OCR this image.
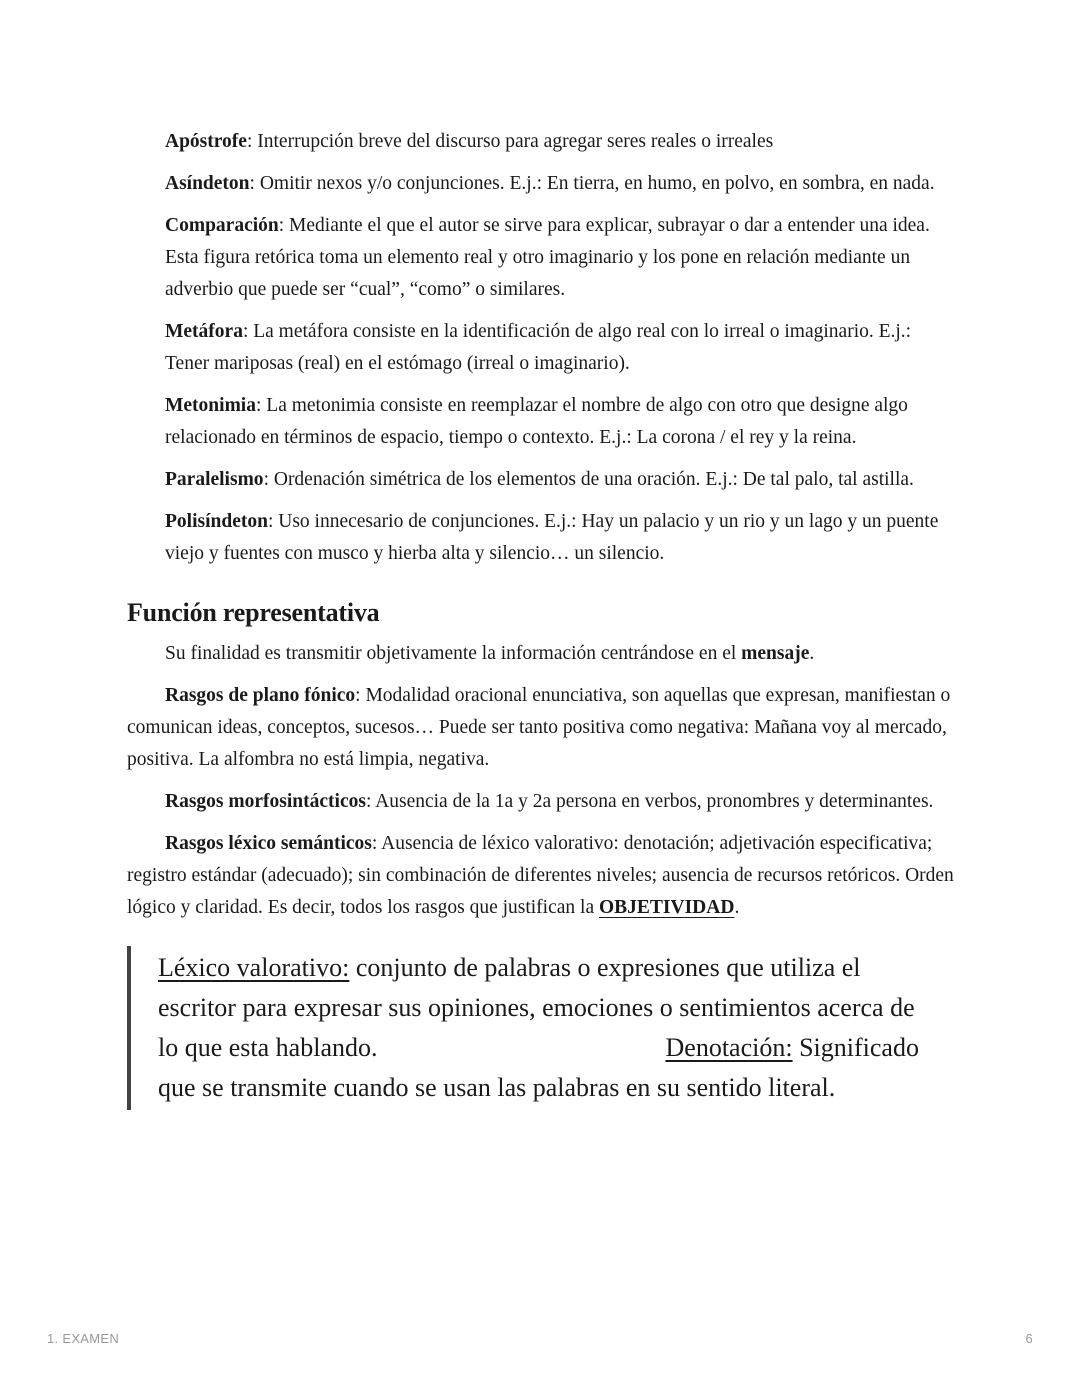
Apóstrofe: Interrupción breve del discurso para agregar seres reales o irreales

Asíndeton: Omitir nexos y/o conjunciones. E.j.: En tierra, en humo, en polvo, en sombra, en nada.

Comparación: Mediante el que el autor se sirve para explicar, subrayar o dar a entender una idea. Esta figura retórica toma un elemento real y otro imaginario y los pone en relación mediante un adverbio que puede ser “cual”, “como” o similares.

Metáfora: La metáfora consiste en la identificación de algo real con lo irreal o imaginario. E.j.: Tener mariposas (real) en el estómago (irreal o imaginario).

Metonimia: La metonimia consiste en reemplazar el nombre de algo con otro que designe algo relacionado en términos de espacio, tiempo o contexto. E.j.: La corona / el rey y la reina.

Paralelismo: Ordenación simétrica de los elementos de una oración. E.j.: De tal palo, tal astilla.

Polisíndeton: Uso innecesario de conjunciones. E.j.: Hay un palacio y un rio y un lago y un puente viejo y fuentes con musco y hierba alta y silencio… un silencio.

Función representativa

Su finalidad es transmitir objetivamente la información centrándose en el mensaje.

Rasgos de plano fónico: Modalidad oracional enunciativa, son aquellas que expresan, manifiestan o comunican ideas, conceptos, sucesos… Puede ser tanto positiva como negativa: Mañana voy al mercado, positiva. La alfombra no está limpia, negativa.

Rasgos morfosintácticos: Ausencia de la 1a y 2a persona en verbos, pronombres y determinantes.

Rasgos léxico semánticos: Ausencia de léxico valorativo: denotación; adjetivación especificativa; registro estándar (adecuado); sin combinación de diferentes niveles; ausencia de recursos retóricos. Orden lógico y claridad. Es decir, todos los rasgos que justifican la OBJETIVIDAD.

Léxico valorativo: conjunto de palabras o expresiones que utiliza el escritor para expresar sus opiniones, emociones o sentimientos acerca de lo que esta hablando.	Denotación: Significado que se transmite cuando se usan las palabras en su sentido literal.
1. EXAMEN	6
